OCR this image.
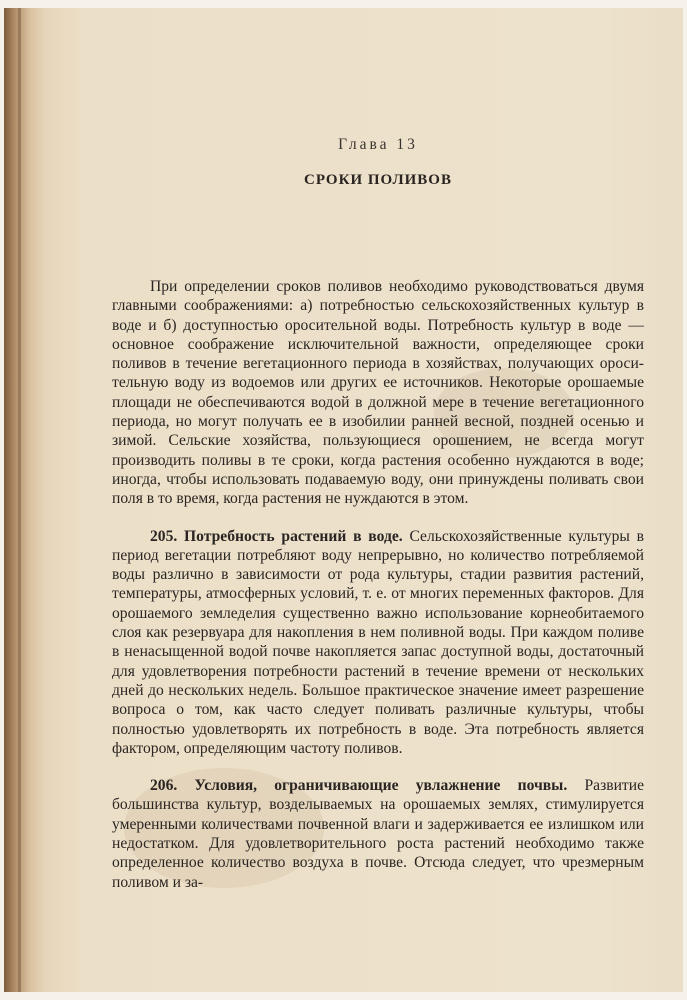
Глава 13
СРОКИ ПОЛИВОВ

При определении сроков поливов необходимо руководствоваться двумя главными соображениями: а) потребностью сельскохозяйственных культур в воде и б) доступностью оросительной воды. Потребность культур в воде — основное соображение исключительной важности, определяющее сроки поливов в течение вегетационного периода в хозяйствах, получающих оросительную воду из водоемов или других ее источников. Некоторые орошаемые площади не обеспечиваются водой в должной мере в течение вегетационного периода, но могут получать ее в изобилии ранней весной, поздней осенью и зимой. Сельские хозяйства, пользующиеся орошением, не всегда могут производить поливы в те сроки, когда растения особенно нуждаются в воде; иногда, чтобы использовать подаваемую воду, они принуждены поливать свои поля в то время, когда растения не нуждаются в этом.

205. Потребность растений в воде. Сельскохозяйственные культуры в период вегетации потребляют воду непрерывно, но количество потребляемой воды различно в зависимости от рода культуры, стадии развития растений, температуры, атмосферных условий, т. е. от многих переменных факторов. Для орошаемого земледелия существенно важно использование корнеобитаемого слоя как резервуара для накопления в нем поливной воды. При каждом поливе в ненасыщенной водой почве накопляется запас доступной воды, достаточный для удовлетворения потребности растений в течение времени от нескольких дней до нескольких недель. Большое практическое значение имеет разрешение вопроса о том, как часто следует поливать различные культуры, чтобы полностью удовлетворять их потребность в воде. Эта потребность является фактором, определяющим частоту поливов.

206. Условия, ограничивающие увлажнение почвы. Развитие большинства культур, возделываемых на орошаемых землях, стимулируется умеренными количествами почвенной влаги и задерживается ее излишком или недостатком. Для удовлетворительного роста растений необходимо также определенное количество воздуха в почве. Отсюда следует, что чрезмерным поливом и за-
